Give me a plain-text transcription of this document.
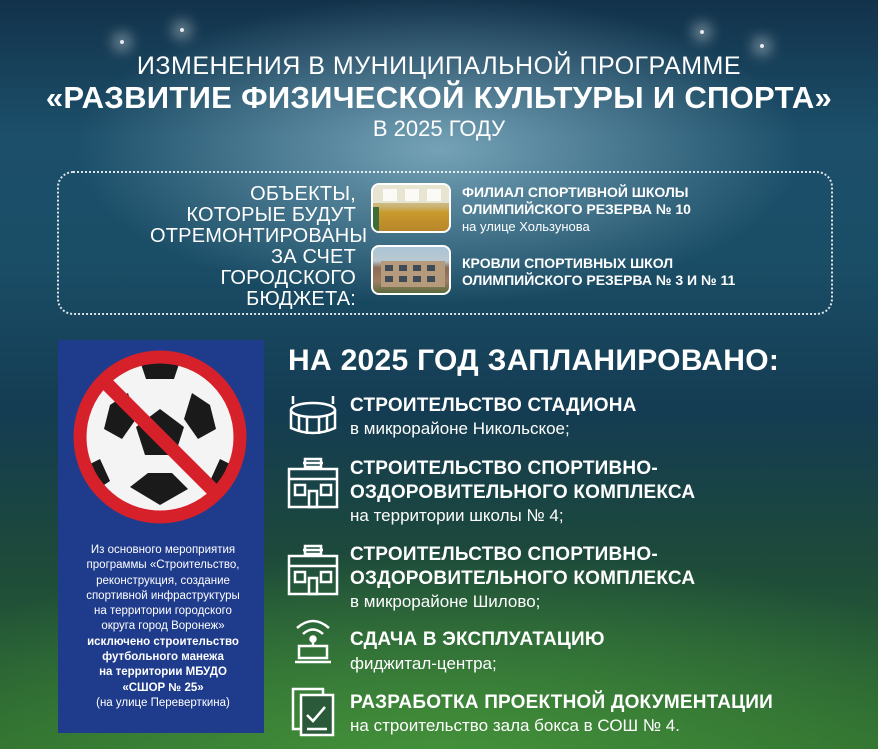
ИЗМЕНЕНИЯ В МУНИЦИПАЛЬНОЙ ПРОГРАММЕ
«РАЗВИТИЕ ФИЗИЧЕСКОЙ КУЛЬТУРЫ И СПОРТА»
В 2025 ГОДУ
ОБЪЕКТЫ,
КОТОРЫЕ БУДУТ
ОТРЕМОНТИРОВАНЫ
ЗА СЧЕТ ГОРОДСКОГО
БЮДЖЕТА:
ФИЛИАЛ СПОРТИВНОЙ ШКОЛЫ
ОЛИМПИЙСКОГО РЕЗЕРВА № 10
на улице Хользунова
КРОВЛИ СПОРТИВНЫХ ШКОЛ
ОЛИМПИЙСКОГО РЕЗЕРВА № 3 И № 11
Из основного мероприятия
программы «Строительство,
реконструкция, создание
спортивной инфраструктуры
на территории городского
округа город Воронеж»
исключено строительство
футбольного манежа
на территории МБУДО
«СШОР № 25»
(на улице Переверткина)
НА 2025 ГОД ЗАПЛАНИРОВАНО:
СТРОИТЕЛЬСТВО СТАДИОНА
в микрорайоне Никольское;
СТРОИТЕЛЬСТВО СПОРТИВНО-
ОЗДОРОВИТЕЛЬНОГО КОМПЛЕКСА
на территории школы № 4;
СТРОИТЕЛЬСТВО СПОРТИВНО-
ОЗДОРОВИТЕЛЬНОГО КОМПЛЕКСА
в микрорайоне Шилово;
СДАЧА В ЭКСПЛУАТАЦИЮ
фиджитал-центра;
РАЗРАБОТКА ПРОЕКТНОЙ ДОКУМЕНТАЦИИ
на строительство зала бокса в СОШ № 4.
